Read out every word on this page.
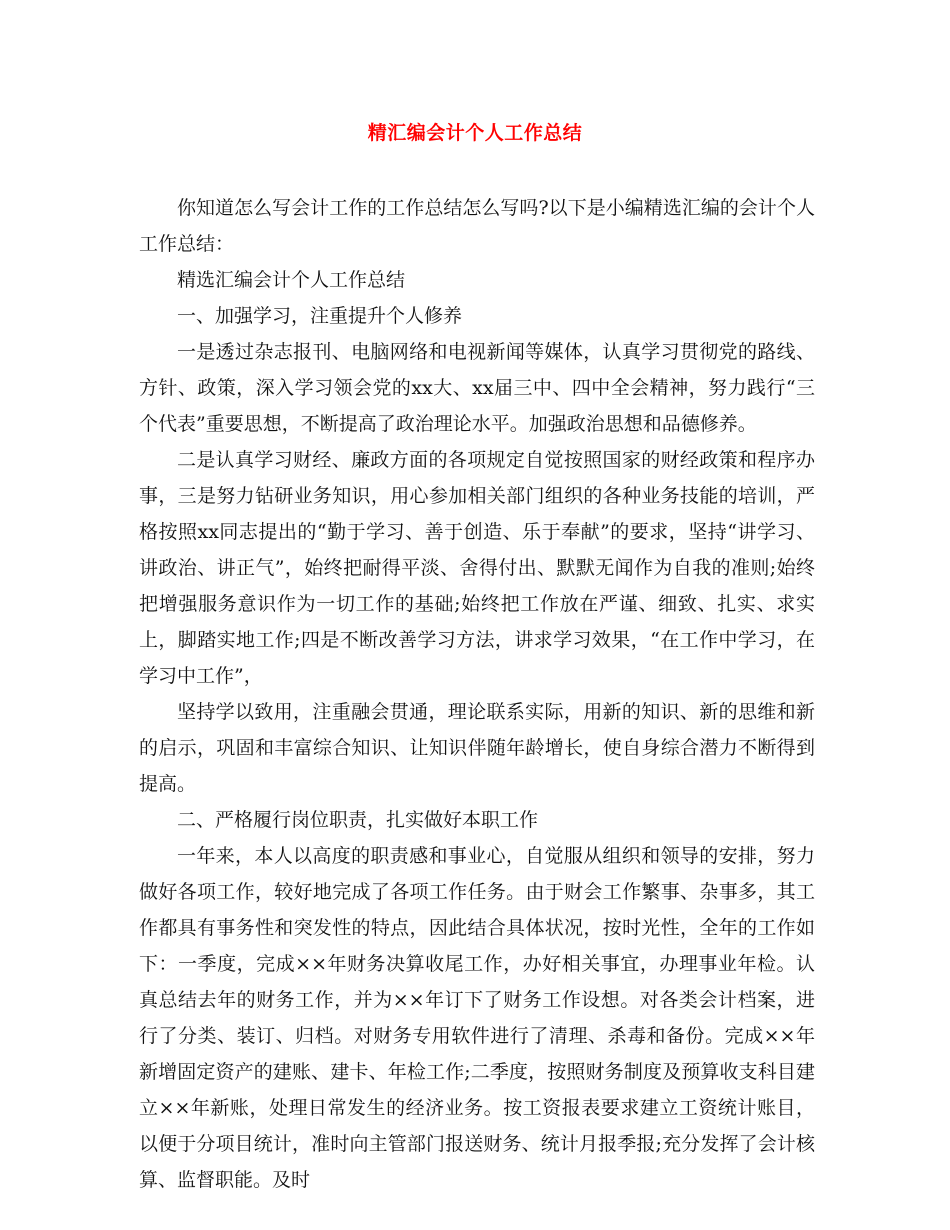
精汇编会计个人工作总结

你知道怎么写会计工作的工作总结怎么写吗?以下是小编精选汇编的会计个人工作总结：

精选汇编会计个人工作总结

一、加强学习，注重提升个人修养

一是透过杂志报刊、电脑网络和电视新闻等媒体，认真学习贯彻党的路线、方针、政策，深入学习领会党的xx大、xx届三中、四中全会精神，努力践行“三个代表”重要思想，不断提高了政治理论水平。加强政治思想和品德修养。

二是认真学习财经、廉政方面的各项规定自觉按照国家的财经政策和程序办事，三是努力钻研业务知识，用心参加相关部门组织的各种业务技能的培训，严格按照xx同志提出的“勤于学习、善于创造、乐于奉献”的要求，坚持“讲学习、讲政治、讲正气”，始终把耐得平淡、舍得付出、默默无闻作为自我的准则;始终把增强服务意识作为一切工作的基础;始终把工作放在严谨、细致、扎实、求实上，脚踏实地工作;四是不断改善学习方法，讲求学习效果，“在工作中学习，在学习中工作”，

坚持学以致用，注重融会贯通，理论联系实际，用新的知识、新的思维和新的启示，巩固和丰富综合知识、让知识伴随年龄增长，使自身综合潜力不断得到提高。

二、严格履行岗位职责，扎实做好本职工作

一年来，本人以高度的职责感和事业心，自觉服从组织和领导的安排，努力做好各项工作，较好地完成了各项工作任务。由于财会工作繁事、杂事多，其工作都具有事务性和突发性的特点，因此结合具体状况，按时光性，全年的工作如下：一季度，完成××年财务决算收尾工作，办好相关事宜，办理事业年检。认真总结去年的财务工作，并为××年订下了财务工作设想。对各类会计档案，进行了分类、装订、归档。对财务专用软件进行了清理、杀毒和备份。完成××年新增固定资产的建账、建卡、年检工作;二季度，按照财务制度及预算收支科目建立××年新账，处理日常发生的经济业务。按工资报表要求建立工资统计账目，以便于分项目统计，准时向主管部门报送财务、统计月报季报;充分发挥了会计核算、监督职能。及时
